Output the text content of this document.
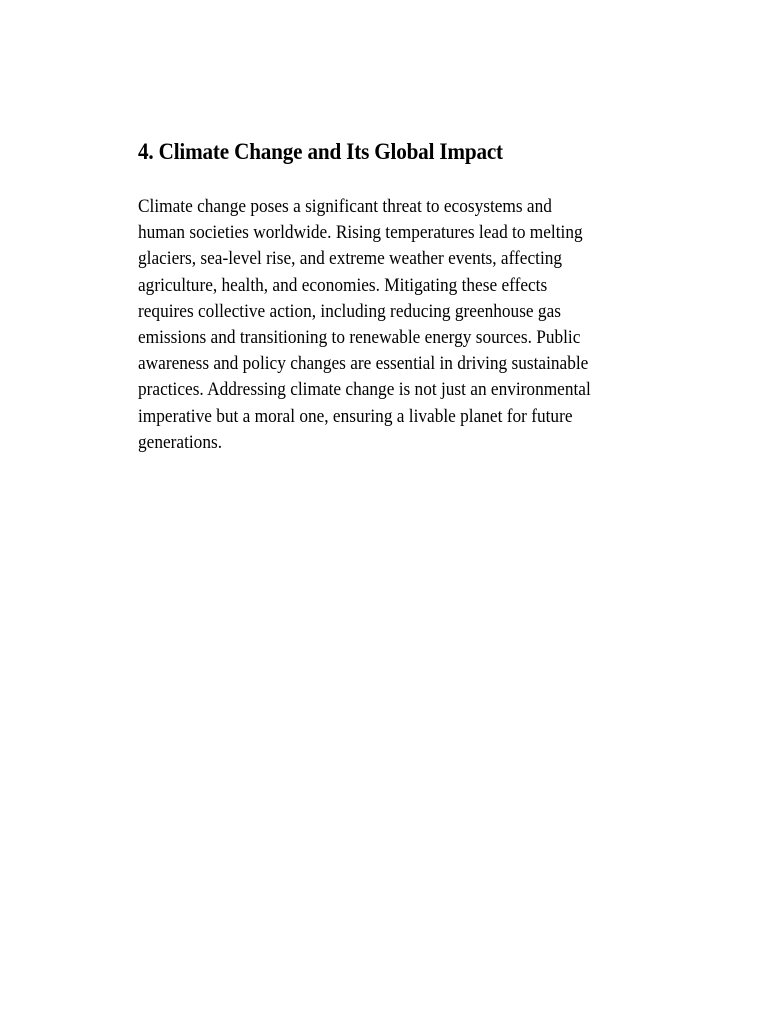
4. Climate Change and Its Global Impact

Climate change poses a significant threat to ecosystems and
human societies worldwide. Rising temperatures lead to melting
glaciers, sea-level rise, and extreme weather events, affecting
agriculture, health, and economies. Mitigating these effects
requires collective action, including reducing greenhouse gas
emissions and transitioning to renewable energy sources. Public
awareness and policy changes are essential in driving sustainable
practices. Addressing climate change is not just an environmental
imperative but a moral one, ensuring a livable planet for future
generations.
